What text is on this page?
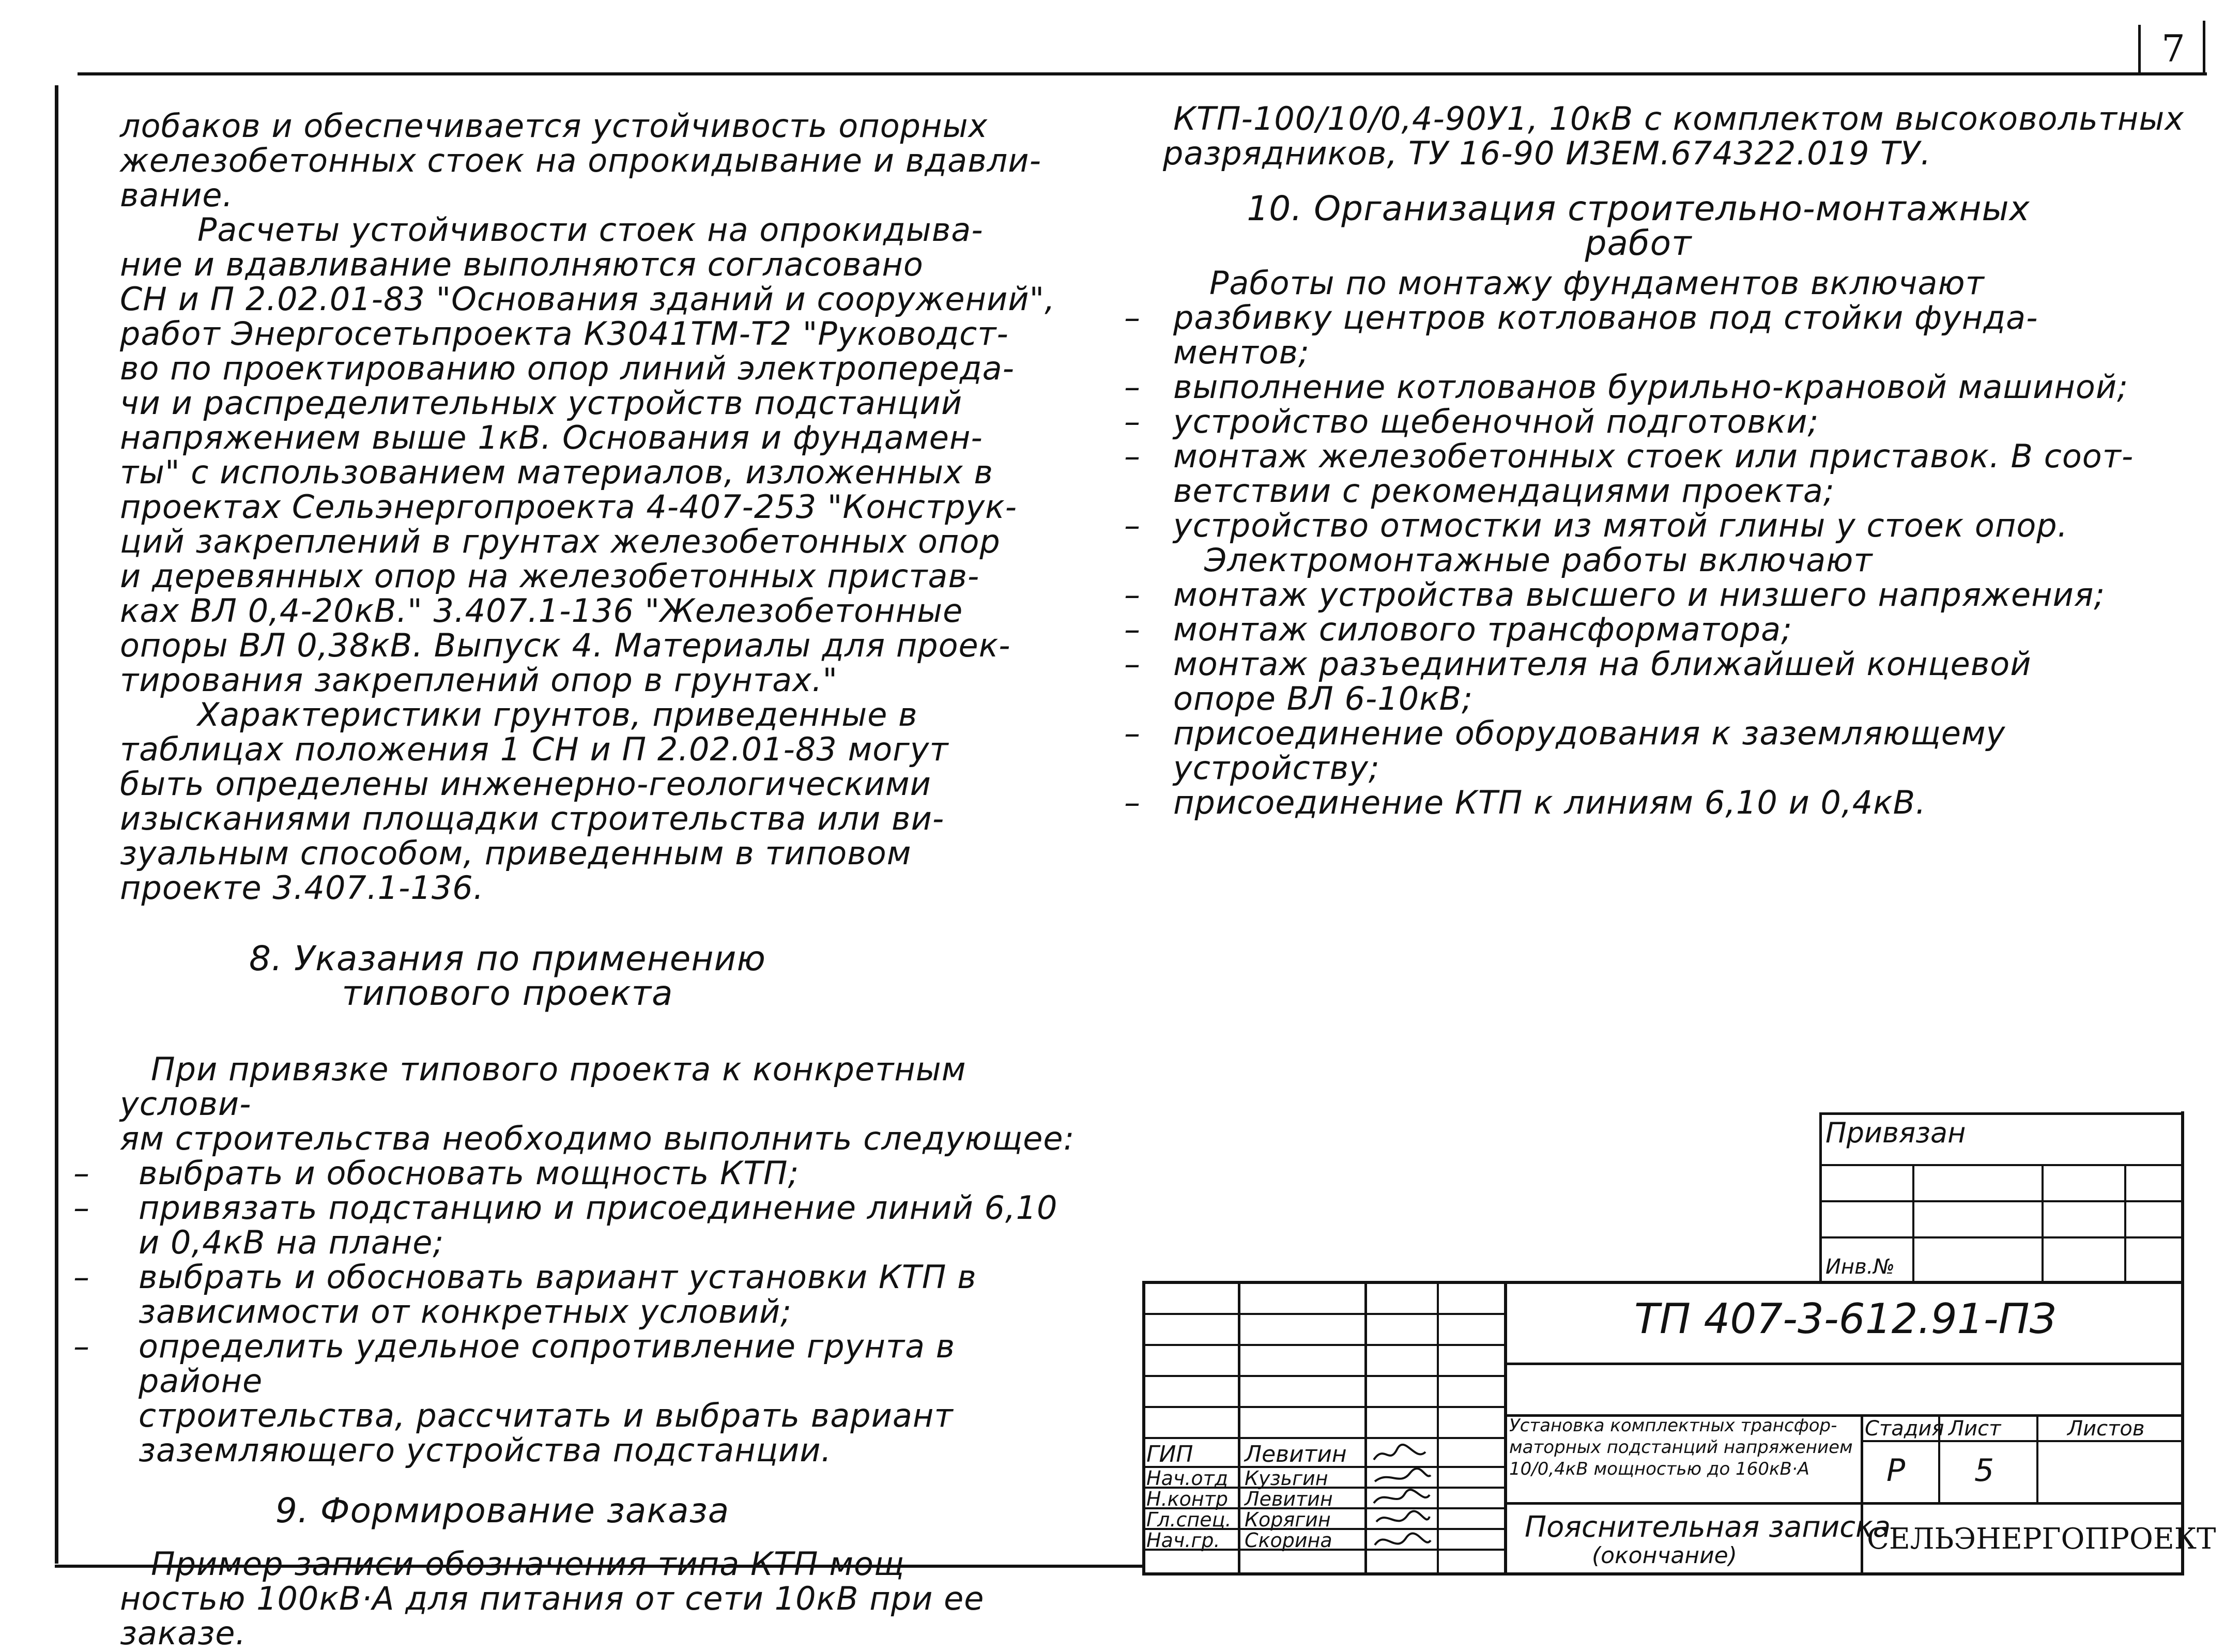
7

лобаков и обеспечивается устойчивость опорных

железобетонных стоек на опрокидывание и вдавли-

вание.

Расчеты устойчивости стоек на опрокидыва-

ние и вдавливание выполняются согласовано

СН и П 2.02.01-83 "Основания зданий и сооружений",

работ Энергосетьпроекта К3041ТМ-Т2 "Руководст-

во по проектированию опор линий электропереда-

чи и распределительных устройств подстанций

напряжением выше 1кВ. Основания и фундамен-

ты" с использованием материалов, изложенных в

проектах Сельэнергопроекта 4-407-253 "Конструк-

ций закреплений в грунтах железобетонных опор

и деревянных опор на железобетонных пристав-

ках ВЛ 0,4-20кВ." 3.407.1-136 "Железобетонные

опоры ВЛ 0,38кВ. Выпуск 4. Материалы для проек-

тирования закреплений опор в грунтах."

Характеристики грунтов, приведенные в

таблицах положения 1 СН и П 2.02.01-83 могут

быть определены инженерно-геологическими

изысканиями площадки строительства или ви-

зуальным способом, приведенным в типовом

проекте 3.407.1-136.

8. Указания по применению

типового проекта

При привязке типового проекта к конкретным услови-

ям строительства необходимо выполнить следующее:

– выбрать и обосновать мощность КТП;

– привязать подстанцию и присоединение линий 6,10

и 0,4кВ на плане;

– выбрать и обосновать вариант установки КТП в

зависимости от конкретных условий;

– определить удельное сопротивление грунта в районе

строительства, рассчитать и выбрать вариант

заземляющего устройства подстанции.

9. Формирование заказа

Пример записи обозначения типа КТП мощ-

ностью 100кВ·А для питания от сети 10кВ при ее

заказе.

КТП-100/10/0,4-90У1, 10кВ с комплектом высоковольтных

разрядников, ТУ 16-90 ИЗЕМ.674322.019 ТУ.

10. Организация строительно-монтажных

работ

Работы по монтажу фундаментов включают

– разбивку центров котлованов под стойки фунда-

ментов;

– выполнение котлованов бурильно-крановой машиной;

– устройство щебеночной подготовки;

– монтаж железобетонных стоек или приставок. В соот-

ветствии с рекомендациями проекта;

– устройство отмостки из мятой глины у стоек опор.

Электромонтажные работы включают

– монтаж устройства высшего и низшего напряжения;

– монтаж силового трансформатора;

– монтаж разъединителя на ближайшей концевой

опоре ВЛ 6-10кВ;

– присоединение оборудования к заземляющему

устройству;

– присоединение КТП к линиям 6,10 и 0,4кВ.

Привязан
Инв.№
ТП 407-3-612.91-ПЗ
Установка комплектных трансфор-
маторных подстанций напряжением
10/0,4кВ мощностью до 160кВ·А
Стадия Лист	Листов
Р 5
Пояснительная записка
(окончание)	СЕЛЬЭНЕРГОПРОЕКТ
ГИП Левитин
Нач.отд Кузьгин
Н.контр Левитин
Гл.спец. Корягин
Нач.гр. Скорина
